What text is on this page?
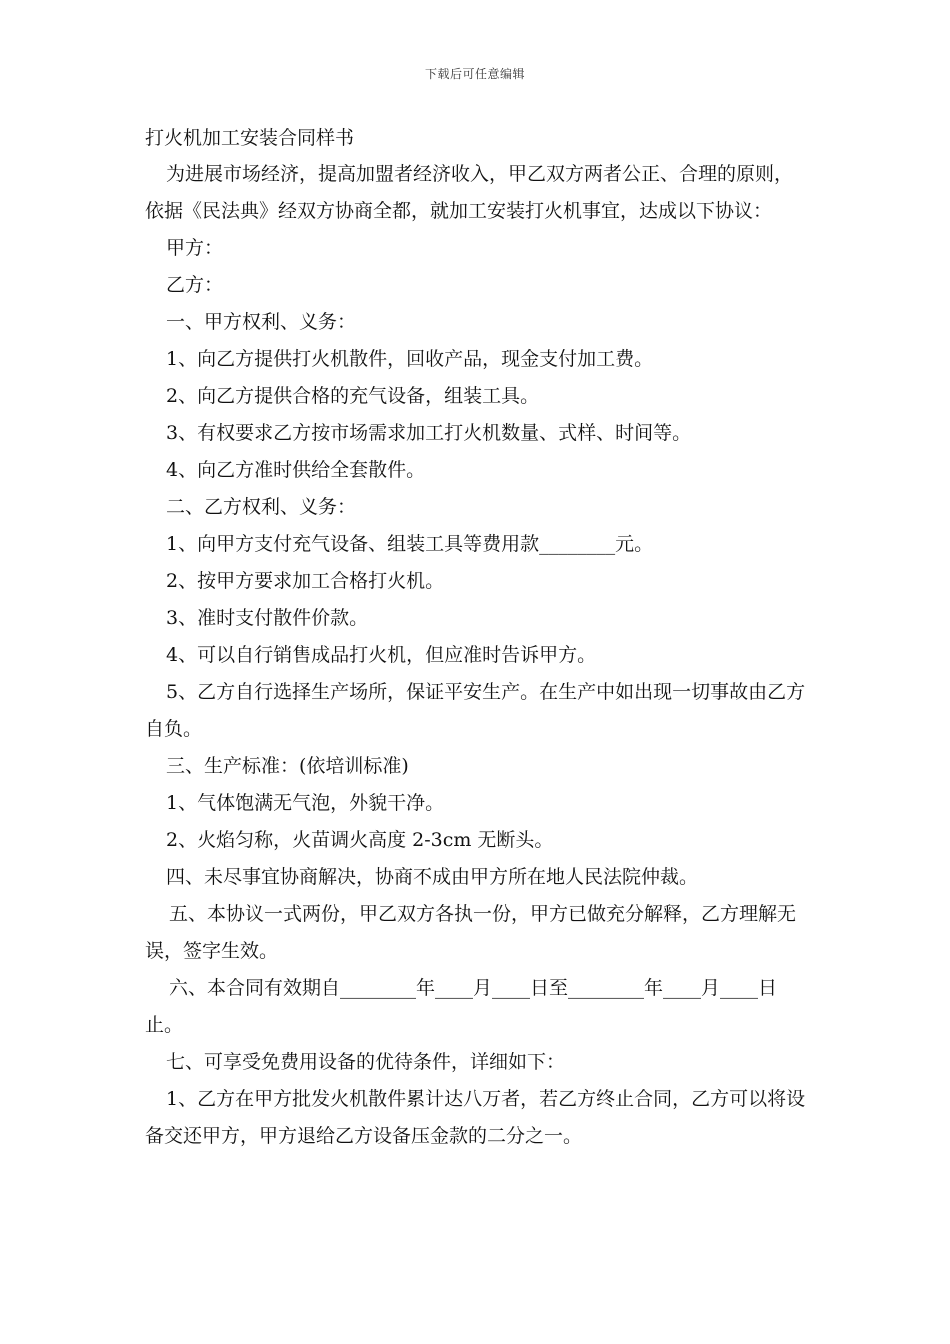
下载后可任意编辑
打火机加工安装合同样书

为进展市场经济，提高加盟者经济收入，甲乙双方两者公正、合理的原则，依据《民法典》经双方协商全都，就加工安装打火机事宜，达成以下协议：

甲方：

乙方：

一、甲方权利、义务：

1、向乙方提供打火机散件，回收产品，现金支付加工费。

2、向乙方提供合格的充气设备，组装工具。

3、有权要求乙方按市场需求加工打火机数量、式样、时间等。

4、向乙方准时供给全套散件。

二、乙方权利、义务：

1、向甲方支付充气设备、组装工具等费用款________元。

2、按甲方要求加工合格打火机。

3、准时支付散件价款。

4、可以自行销售成品打火机，但应准时告诉甲方。

5、乙方自行选择生产场所，保证平安生产。在生产中如出现一切事故由乙方自负。

三、生产标准：(依培训标准)

1、气体饱满无气泡，外貌干净。

2、火焰匀称，火苗调火高度 2-3cm 无断头。

四、未尽事宜协商解决，协商不成由甲方所在地人民法院仲裁。

五、本协议一式两份，甲乙双方各执一份，甲方已做充分解释，乙方理解无误，签字生效。

六、本合同有效期自________年____月____日至________年____月____日止。

七、可享受免费用设备的优待条件，详细如下：

1、乙方在甲方批发火机散件累计达八万者，若乙方终止合同，乙方可以将设备交还甲方，甲方退给乙方设备压金款的二分之一。
